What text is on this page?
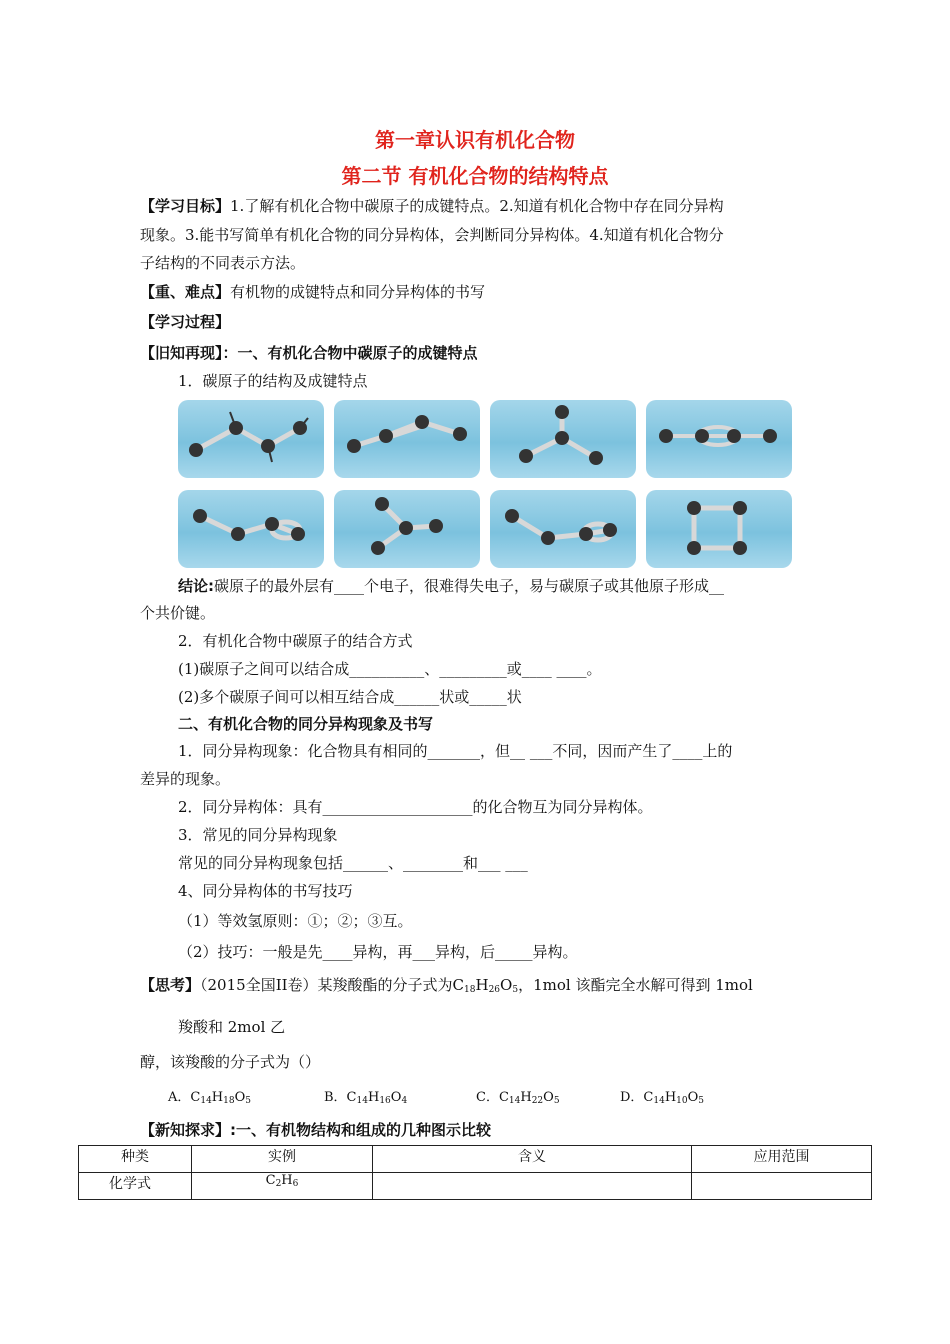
第一章认识有机化合物
第二节 有机化合物的结构特点
【学习目标】1.了解有机化合物中碳原子的成键特点。2.知道有机化合物中存在同分异构
现象。3.能书写简单有机化合物的同分异构体，会判断同分异构体。4.知道有机化合物分
子结构的不同表示方法。
【重、难点】有机物的成键特点和同分异构体的书写
【学习过程】
【旧知再现】：一、有机化合物中碳原子的成键特点
1．碳原子的结构及成键特点
结论:碳原子的最外层有____个电子，很难得失电子，易与碳原子或其他原子形成__
个共价键。
2．有机化合物中碳原子的结合方式
(1)碳原子之间可以结合成__________、_________或____ ____。
(2)多个碳原子间可以相互结合成______状或_____状
二、有机化合物的同分异构现象及书写
1．同分异构现象：化合物具有相同的_______，但__ ___不同，因而产生了____上的
差异的现象。
2．同分异构体：具有____________________的化合物互为同分异构体。
3．常见的同分异构现象
常见的同分异构现象包括______、________和___ ___
4、同分异构体的书写技巧
（1）等效氢原则：①；②；③互。
（2）技巧：一般是先____异构，再___异构，后_____异构。
【思考】（2015全国II卷）某羧酸酯的分子式为$C_{18}H_{26}O_5$，1mol 该酯完全水解可得到 1mol
羧酸和 2mol 乙
醇，该羧酸的分子式为（）
A．$C_{14}H_{18}O_5$	B．$C_{14}H_{16}O_4$	C．$C_{14}H_{22}O_5$	D．$C_{14}H_{10}O_5$
【新知探求】:一、有机物结构和组成的几种图示比较
种类	实例	含义	应用范围
化学式	$C_2H_6$		
